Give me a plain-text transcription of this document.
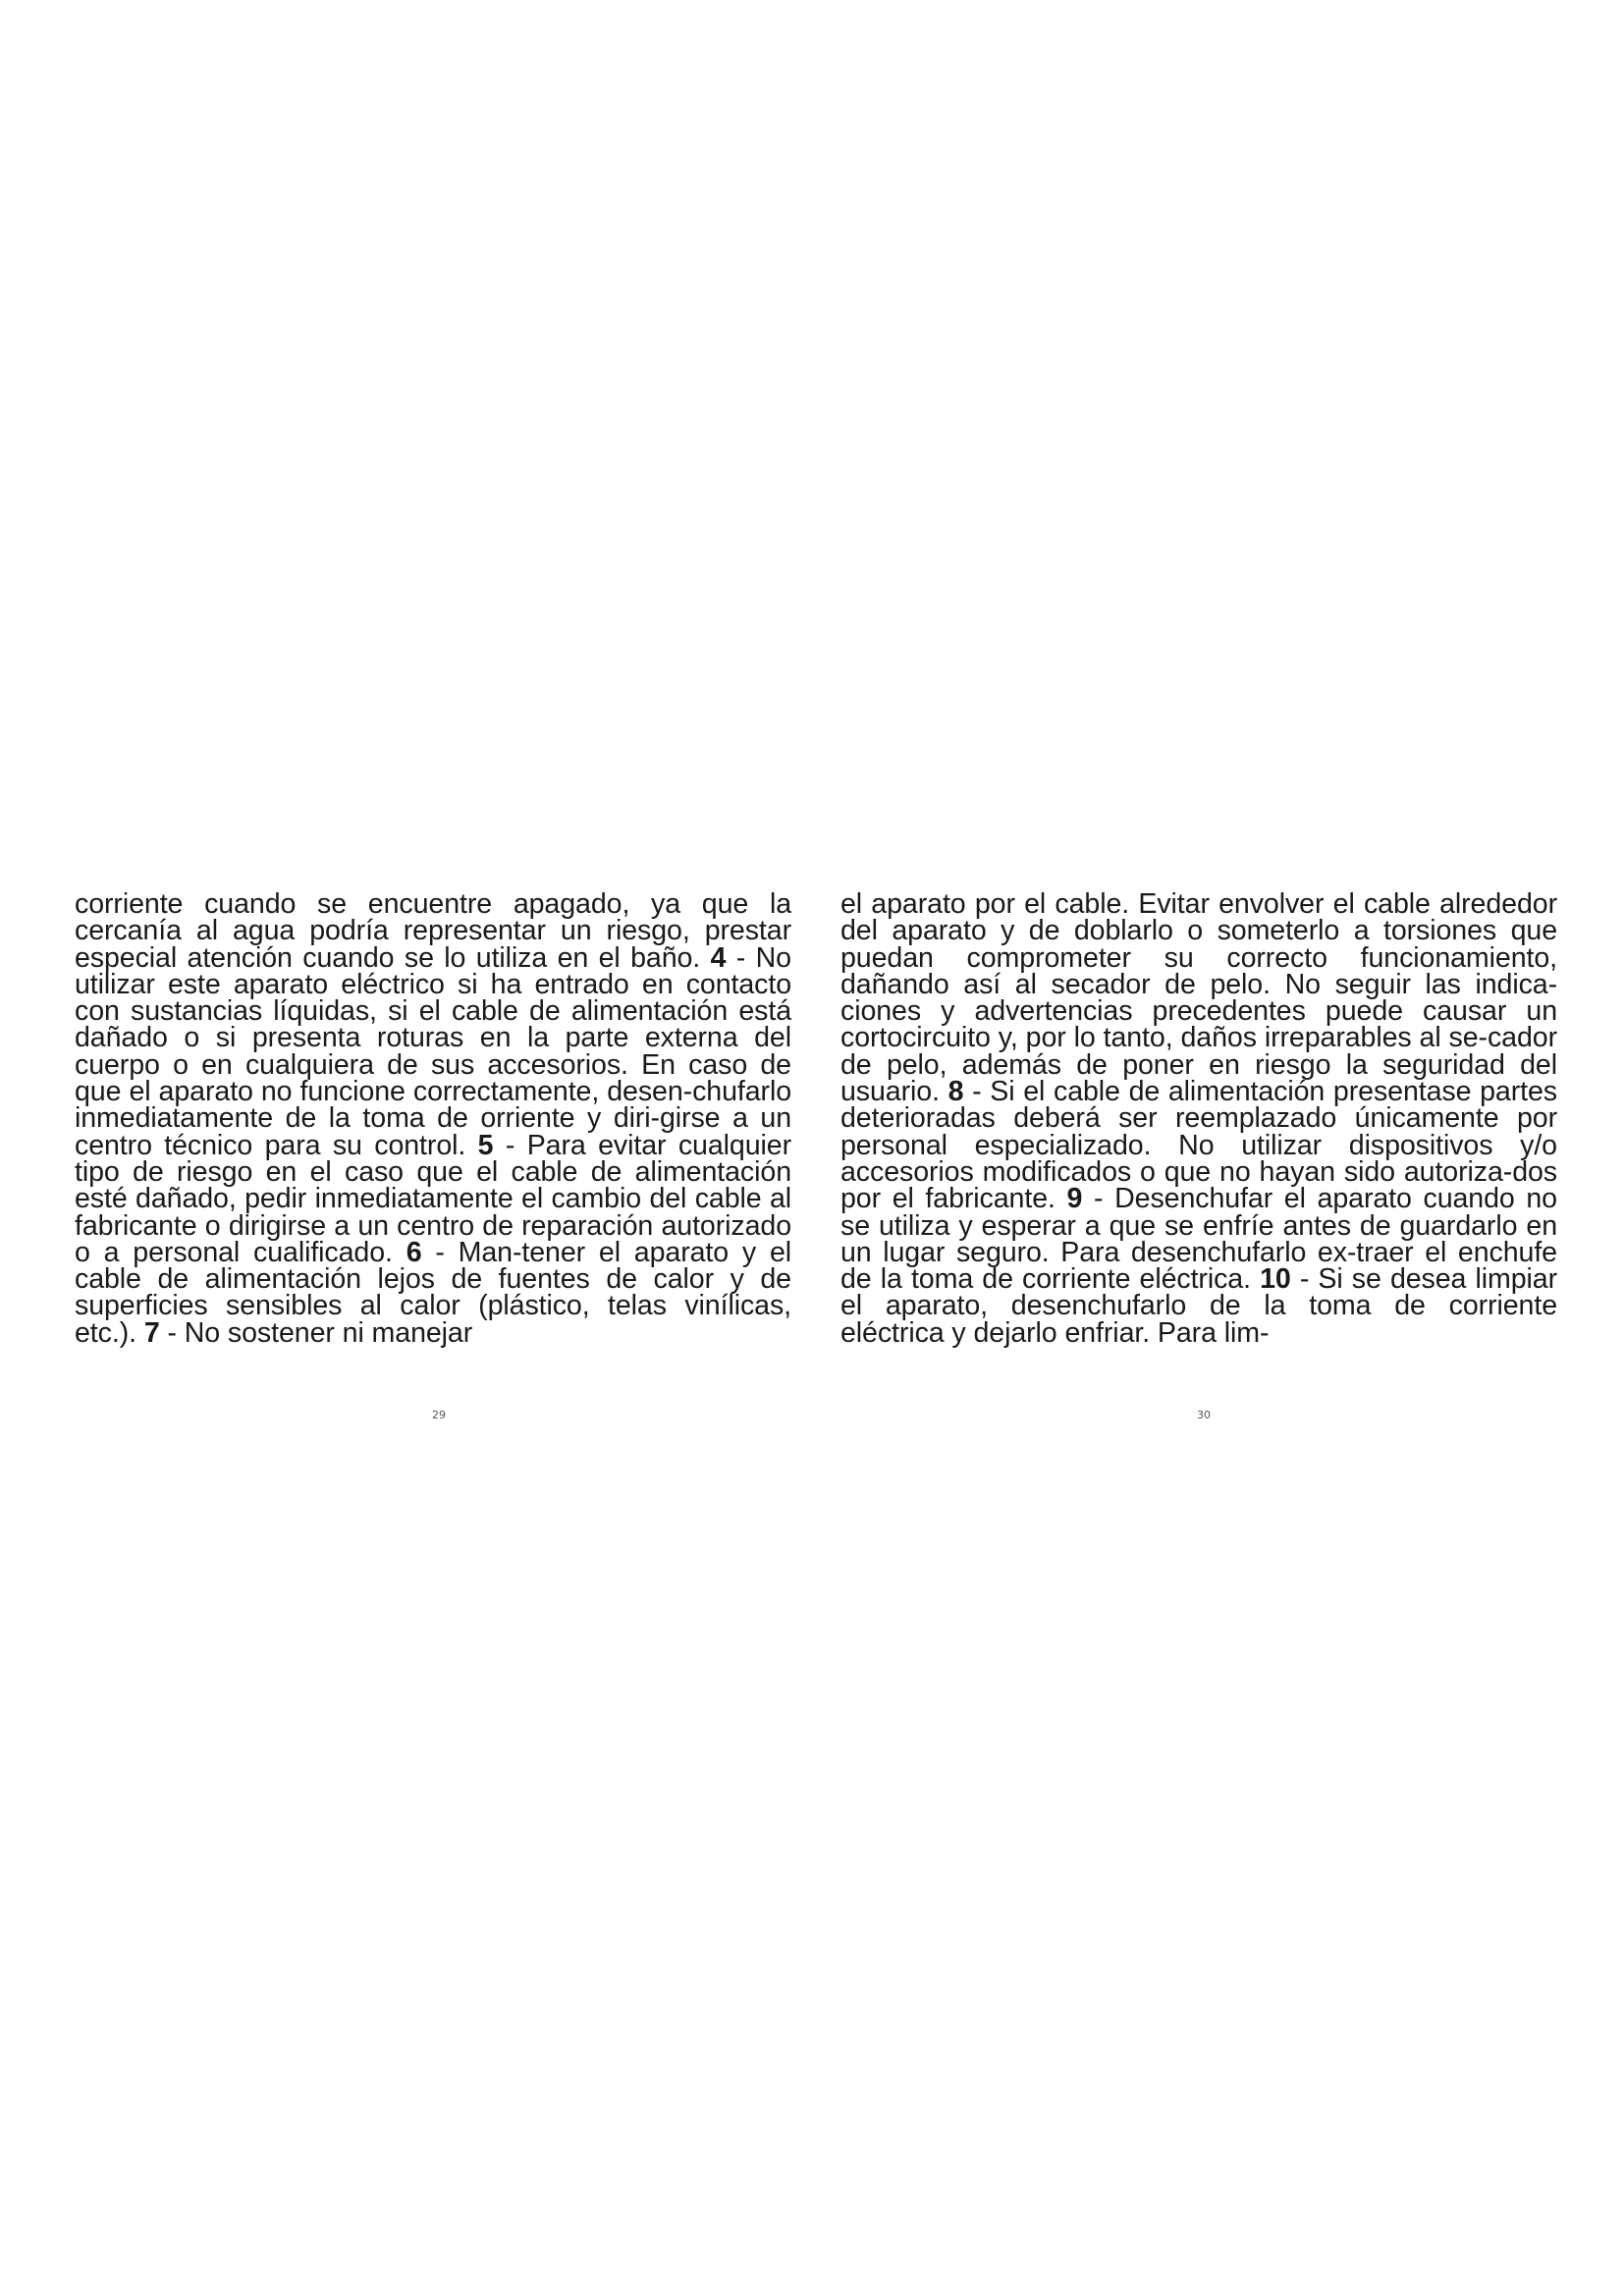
corriente cuando se encuentre apagado, ya que la cercanía al agua podría representar un riesgo, prestar especial atención cuando se lo utiliza en el baño. 4 - No utilizar este aparato eléctrico si ha entrado en contacto con sustancias líquidas, si el cable de alimentación está dañado o si presenta roturas en la parte externa del cuerpo o en cualquiera de sus accesorios. En caso de que el aparato no funcione correctamente, desen-chufarlo inmediatamente de la toma de orriente y diri-girse a un centro técnico para su control. 5 - Para evitar cualquier tipo de riesgo en el caso que el cable de alimentación esté dañado, pedir inmediatamente el cambio del cable al fabricante o dirigirse a un centro de reparación autorizado o a personal cualificado. 6 - Man-tener el aparato y el cable de alimentación lejos de fuentes de calor y de superficies sensibles al calor (plástico, telas vinílicas, etc.). 7 - No sostener ni manejar

29

el aparato por el cable. Evitar envolver el cable alrededor del aparato y de doblarlo o someterlo a torsiones que puedan comprometer su correcto funcionamiento, dañando así al secador de pelo. No seguir las indica-ciones y advertencias precedentes puede causar un cortocircuito y, por lo tanto, daños irreparables al se-cador de pelo, además de poner en riesgo la seguridad del usuario. 8 - Si el cable de alimentación presentase partes deterioradas deberá ser reemplazado únicamente por personal especializado. No utilizar dispositivos y/o accesorios modificados o que no hayan sido autoriza-dos por el fabricante. 9 - Desenchufar el aparato cuando no se utiliza y esperar a que se enfríe antes de guardarlo en un lugar seguro. Para desenchufarlo ex-traer el enchufe de la toma de corriente eléctrica. 10 - Si se desea limpiar el aparato, desenchufarlo de la toma de corriente eléctrica y dejarlo enfriar. Para lim-

30
